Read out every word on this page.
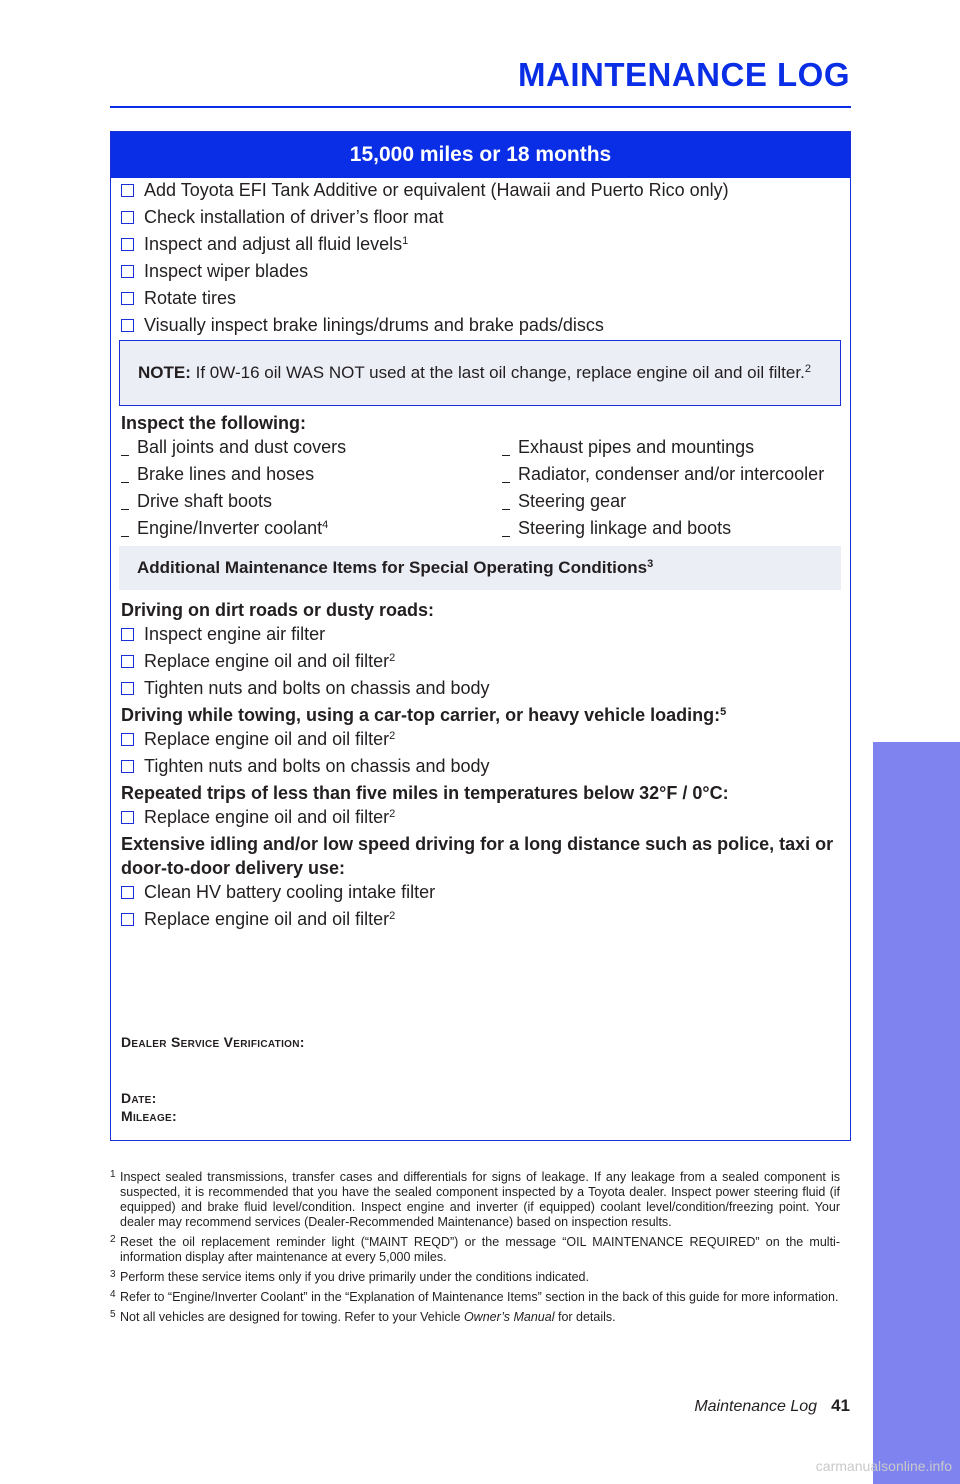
MAINTENANCE LOG
15,000 miles or 18 months
Add Toyota EFI Tank Additive or equivalent (Hawaii and Puerto Rico only)
Check installation of driver’s floor mat
Inspect and adjust all fluid levels$^1$
Inspect wiper blades
Rotate tires
Visually inspect brake linings/drums and brake pads/discs
NOTE: If 0W-16 oil WAS NOT used at the last oil change, replace engine oil and oil filter.$^2$
Inspect the following:
Ball joints and dust covers
Brake lines and hoses
Drive shaft boots
Engine/Inverter coolant$^4$
Exhaust pipes and mountings
Radiator, condenser and/or intercooler
Steering gear
Steering linkage and boots
Additional Maintenance Items for Special Operating Conditions$^3$
Driving on dirt roads or dusty roads:
Inspect engine air filter
Replace engine oil and oil filter$^2$
Tighten nuts and bolts on chassis and body
Driving while towing, using a car-top carrier, or heavy vehicle loading:$^5$
Replace engine oil and oil filter$^2$
Tighten nuts and bolts on chassis and body
Repeated trips of less than five miles in temperatures below 32°F / 0°C:
Replace engine oil and oil filter$^2$
Extensive idling and/or low speed driving for a long distance such as police, taxi or
door-to-door delivery use:
Clean HV battery cooling intake filter
Replace engine oil and oil filter$^2$
Dealer Service Verification:
Date:
Mileage:
1 Inspect sealed transmissions, transfer cases and differentials for signs of leakage. If any leakage from a sealed component is suspected, it is recommended that you have the sealed component inspected by a Toyota dealer. Inspect power steering fluid (if equipped) and brake fluid level/condition. Inspect engine and inverter (if equipped) coolant level/condition/freezing point. Your dealer may recommend services (Dealer-Recommended Maintenance) based on inspection results.
2 Reset the oil replacement reminder light (“MAINT REQD”) or the message “OIL MAINTENANCE REQUIRED” on the multi-information display after maintenance at every 5,000 miles.
3 Perform these service items only if you drive primarily under the conditions indicated.
4 Refer to “Engine/Inverter Coolant” in the “Explanation of Maintenance Items” section in the back of this guide for more information.
5 Not all vehicles are designed for towing. Refer to your Vehicle Owner’s Manual for details.
Maintenance Log 41
MAINTENANCE
carmanualsonline.info
